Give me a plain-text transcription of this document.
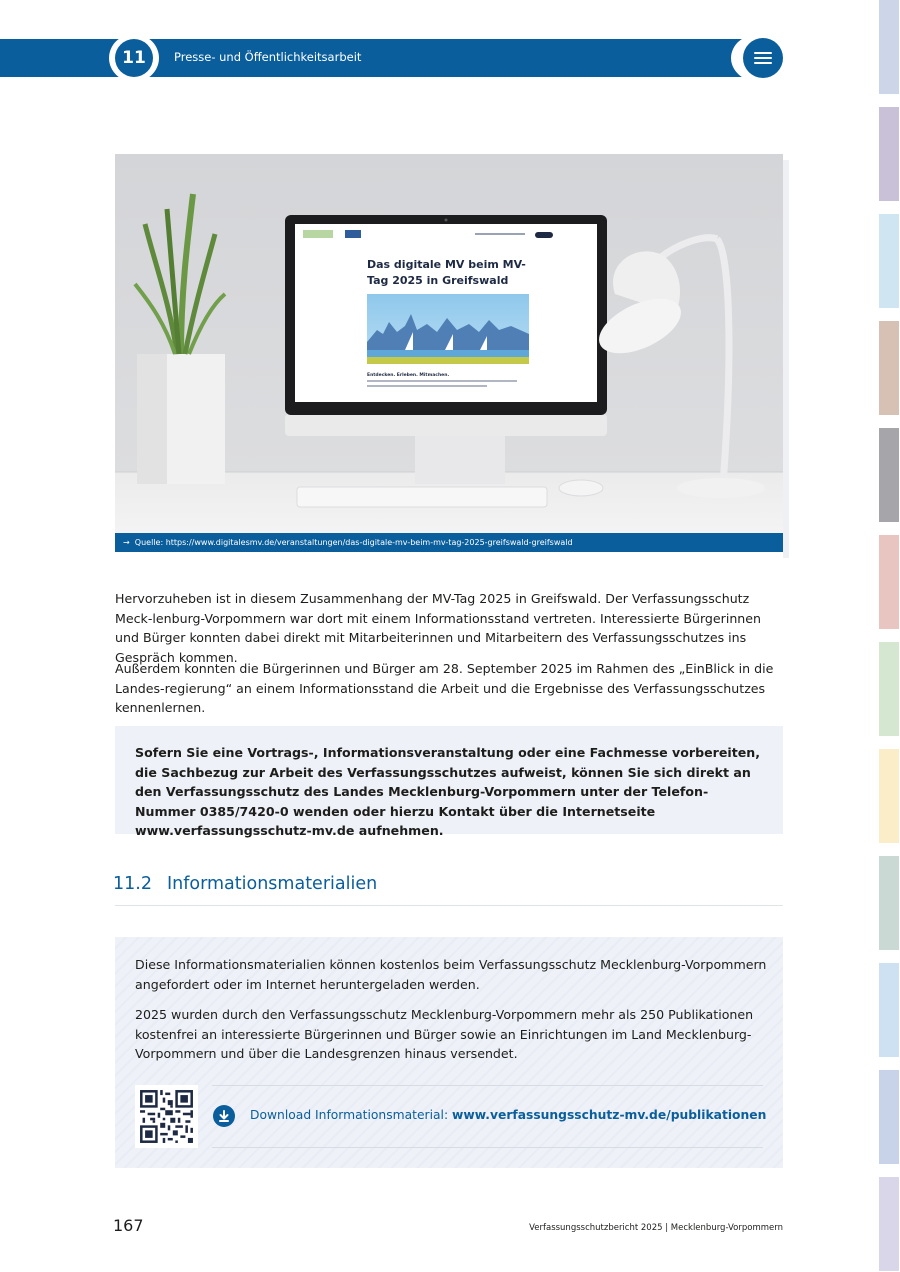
11	Presse- und Öffentlichkeitsarbeit
Das digitale MV beim MV-
Tag 2025 in Greifswald
Entdecken. Erleben. Mitmachen.
→ Quelle: https://www.digitalesmv.de/veranstaltungen/das-digitale-mv-beim-mv-tag-2025-greifswald-greifswald

Hervorzuheben ist in diesem Zusammenhang der MV-Tag 2025 in Greifswald. Der Verfassungsschutz Meck-lenburg-Vorpommern war dort mit einem Informationsstand vertreten. Interessierte Bürgerinnen und Bürger konnten dabei direkt mit Mitarbeiterinnen und Mitarbeitern des Verfassungsschutzes ins Gespräch kommen.

Außerdem konnten die Bürgerinnen und Bürger am 28. September 2025 im Rahmen des „EinBlick in die Landes-regierung“ an einem Informationsstand die Arbeit und die Ergebnisse des Verfassungsschutzes kennenlernen.

Sofern Sie eine Vortrags-, Informationsveranstaltung oder eine Fachmesse vorbereiten, die Sachbezug zur Arbeit des Verfassungsschutzes aufweist, können Sie sich direkt an den Verfassungsschutz des Landes Mecklenburg-Vorpommern unter der Telefon-Nummer 0385/7420-0 wenden oder hierzu Kontakt über die Internetseite www.verfassungsschutz-mv.de aufnehmen.

11.2 Informationsmaterialien

Diese Informationsmaterialien können kostenlos beim Verfassungsschutz Mecklenburg-Vorpommern angefordert oder im Internet heruntergeladen werden.

2025 wurden durch den Verfassungsschutz Mecklenburg-Vorpommern mehr als 250 Publikationen kostenfrei an interessierte Bürgerinnen und Bürger sowie an Einrichtungen im Land Mecklenburg-Vorpommern und über die Landesgrenzen hinaus versendet.

Download Informationsmaterial: www.verfassungsschutz-mv.de/publikationen
167	Verfassungsschutzbericht 2025 | Mecklenburg-Vorpommern
